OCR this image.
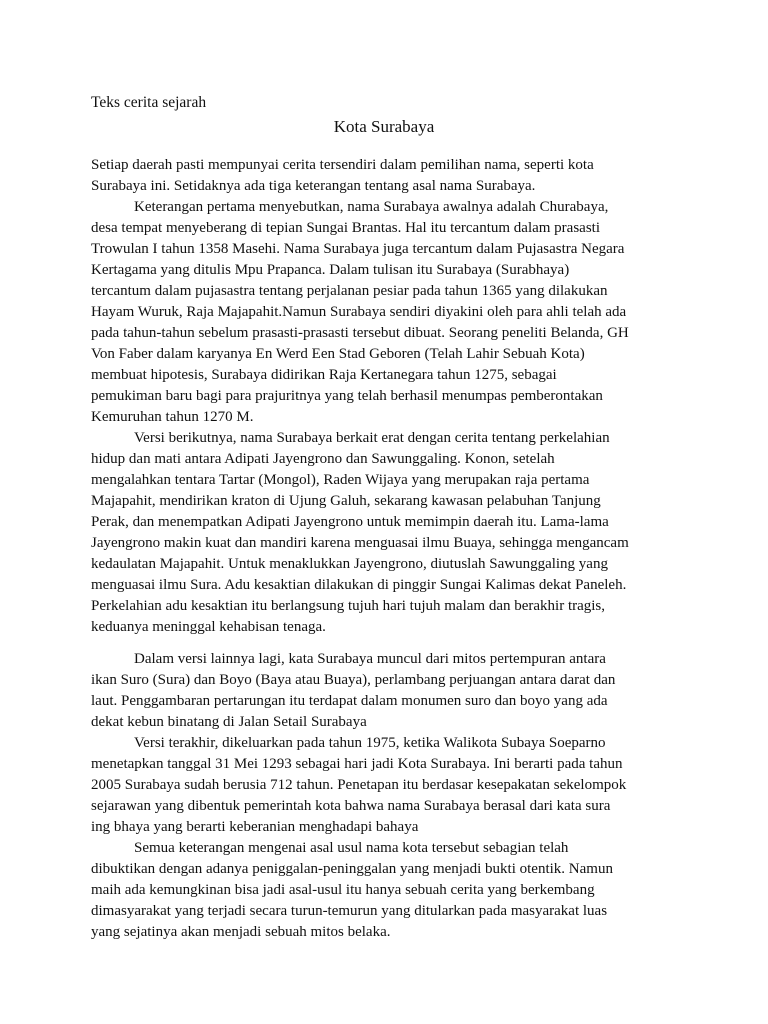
Teks cerita sejarah
Kota Surabaya
Setiap daerah pasti mempunyai cerita tersendiri dalam pemilihan nama, seperti kota
Surabaya ini. Setidaknya ada tiga keterangan tentang asal nama Surabaya.
Keterangan pertama menyebutkan, nama Surabaya awalnya adalah Churabaya,
desa tempat menyeberang di tepian Sungai Brantas. Hal itu tercantum dalam prasasti
Trowulan I tahun 1358 Masehi. Nama Surabaya juga tercantum dalam Pujasastra Negara
Kertagama yang ditulis Mpu Prapanca. Dalam tulisan itu Surabaya (Surabhaya)
tercantum dalam pujasastra tentang perjalanan pesiar pada tahun 1365 yang dilakukan
Hayam Wuruk, Raja Majapahit.Namun Surabaya sendiri diyakini oleh para ahli telah ada
pada tahun-tahun sebelum prasasti-prasasti tersebut dibuat. Seorang peneliti Belanda, GH
Von Faber dalam karyanya En Werd Een Stad Geboren (Telah Lahir Sebuah Kota)
membuat hipotesis, Surabaya didirikan Raja Kertanegara tahun 1275, sebagai
pemukiman baru bagi para prajuritnya yang telah berhasil menumpas pemberontakan
Kemuruhan tahun 1270 M.
Versi berikutnya, nama Surabaya berkait erat dengan cerita tentang perkelahian
hidup dan mati antara Adipati Jayengrono dan Sawunggaling. Konon, setelah
mengalahkan tentara Tartar (Mongol), Raden Wijaya yang merupakan raja pertama
Majapahit, mendirikan kraton di Ujung Galuh, sekarang kawasan pelabuhan Tanjung
Perak, dan menempatkan Adipati Jayengrono untuk memimpin daerah itu. Lama-lama
Jayengrono makin kuat dan mandiri karena menguasai ilmu Buaya, sehingga mengancam
kedaulatan Majapahit. Untuk menaklukkan Jayengrono, diutuslah Sawunggaling yang
menguasai ilmu Sura. Adu kesaktian dilakukan di pinggir Sungai Kalimas dekat Paneleh.
Perkelahian adu kesaktian itu berlangsung tujuh hari tujuh malam dan berakhir tragis,
keduanya meninggal kehabisan tenaga.
Dalam versi lainnya lagi, kata Surabaya muncul dari mitos pertempuran antara
ikan Suro (Sura) dan Boyo (Baya atau Buaya), perlambang perjuangan antara darat dan
laut. Penggambaran pertarungan itu terdapat dalam monumen suro dan boyo yang ada
dekat kebun binatang di Jalan Setail Surabaya
Versi terakhir, dikeluarkan pada tahun 1975, ketika Walikota Subaya Soeparno
menetapkan tanggal 31 Mei 1293 sebagai hari jadi Kota Surabaya. Ini berarti pada tahun
2005 Surabaya sudah berusia 712 tahun. Penetapan itu berdasar kesepakatan sekelompok
sejarawan yang dibentuk pemerintah kota bahwa nama Surabaya berasal dari kata sura
ing bhaya yang berarti keberanian menghadapi bahaya
Semua keterangan mengenai asal usul nama kota tersebut sebagian telah
dibuktikan dengan adanya peniggalan-peninggalan yang menjadi bukti otentik. Namun
maih ada kemungkinan bisa jadi asal-usul itu hanya sebuah cerita yang berkembang
dimasyarakat yang terjadi secara turun-temurun yang ditularkan pada masyarakat luas
yang sejatinya akan menjadi sebuah mitos belaka.
